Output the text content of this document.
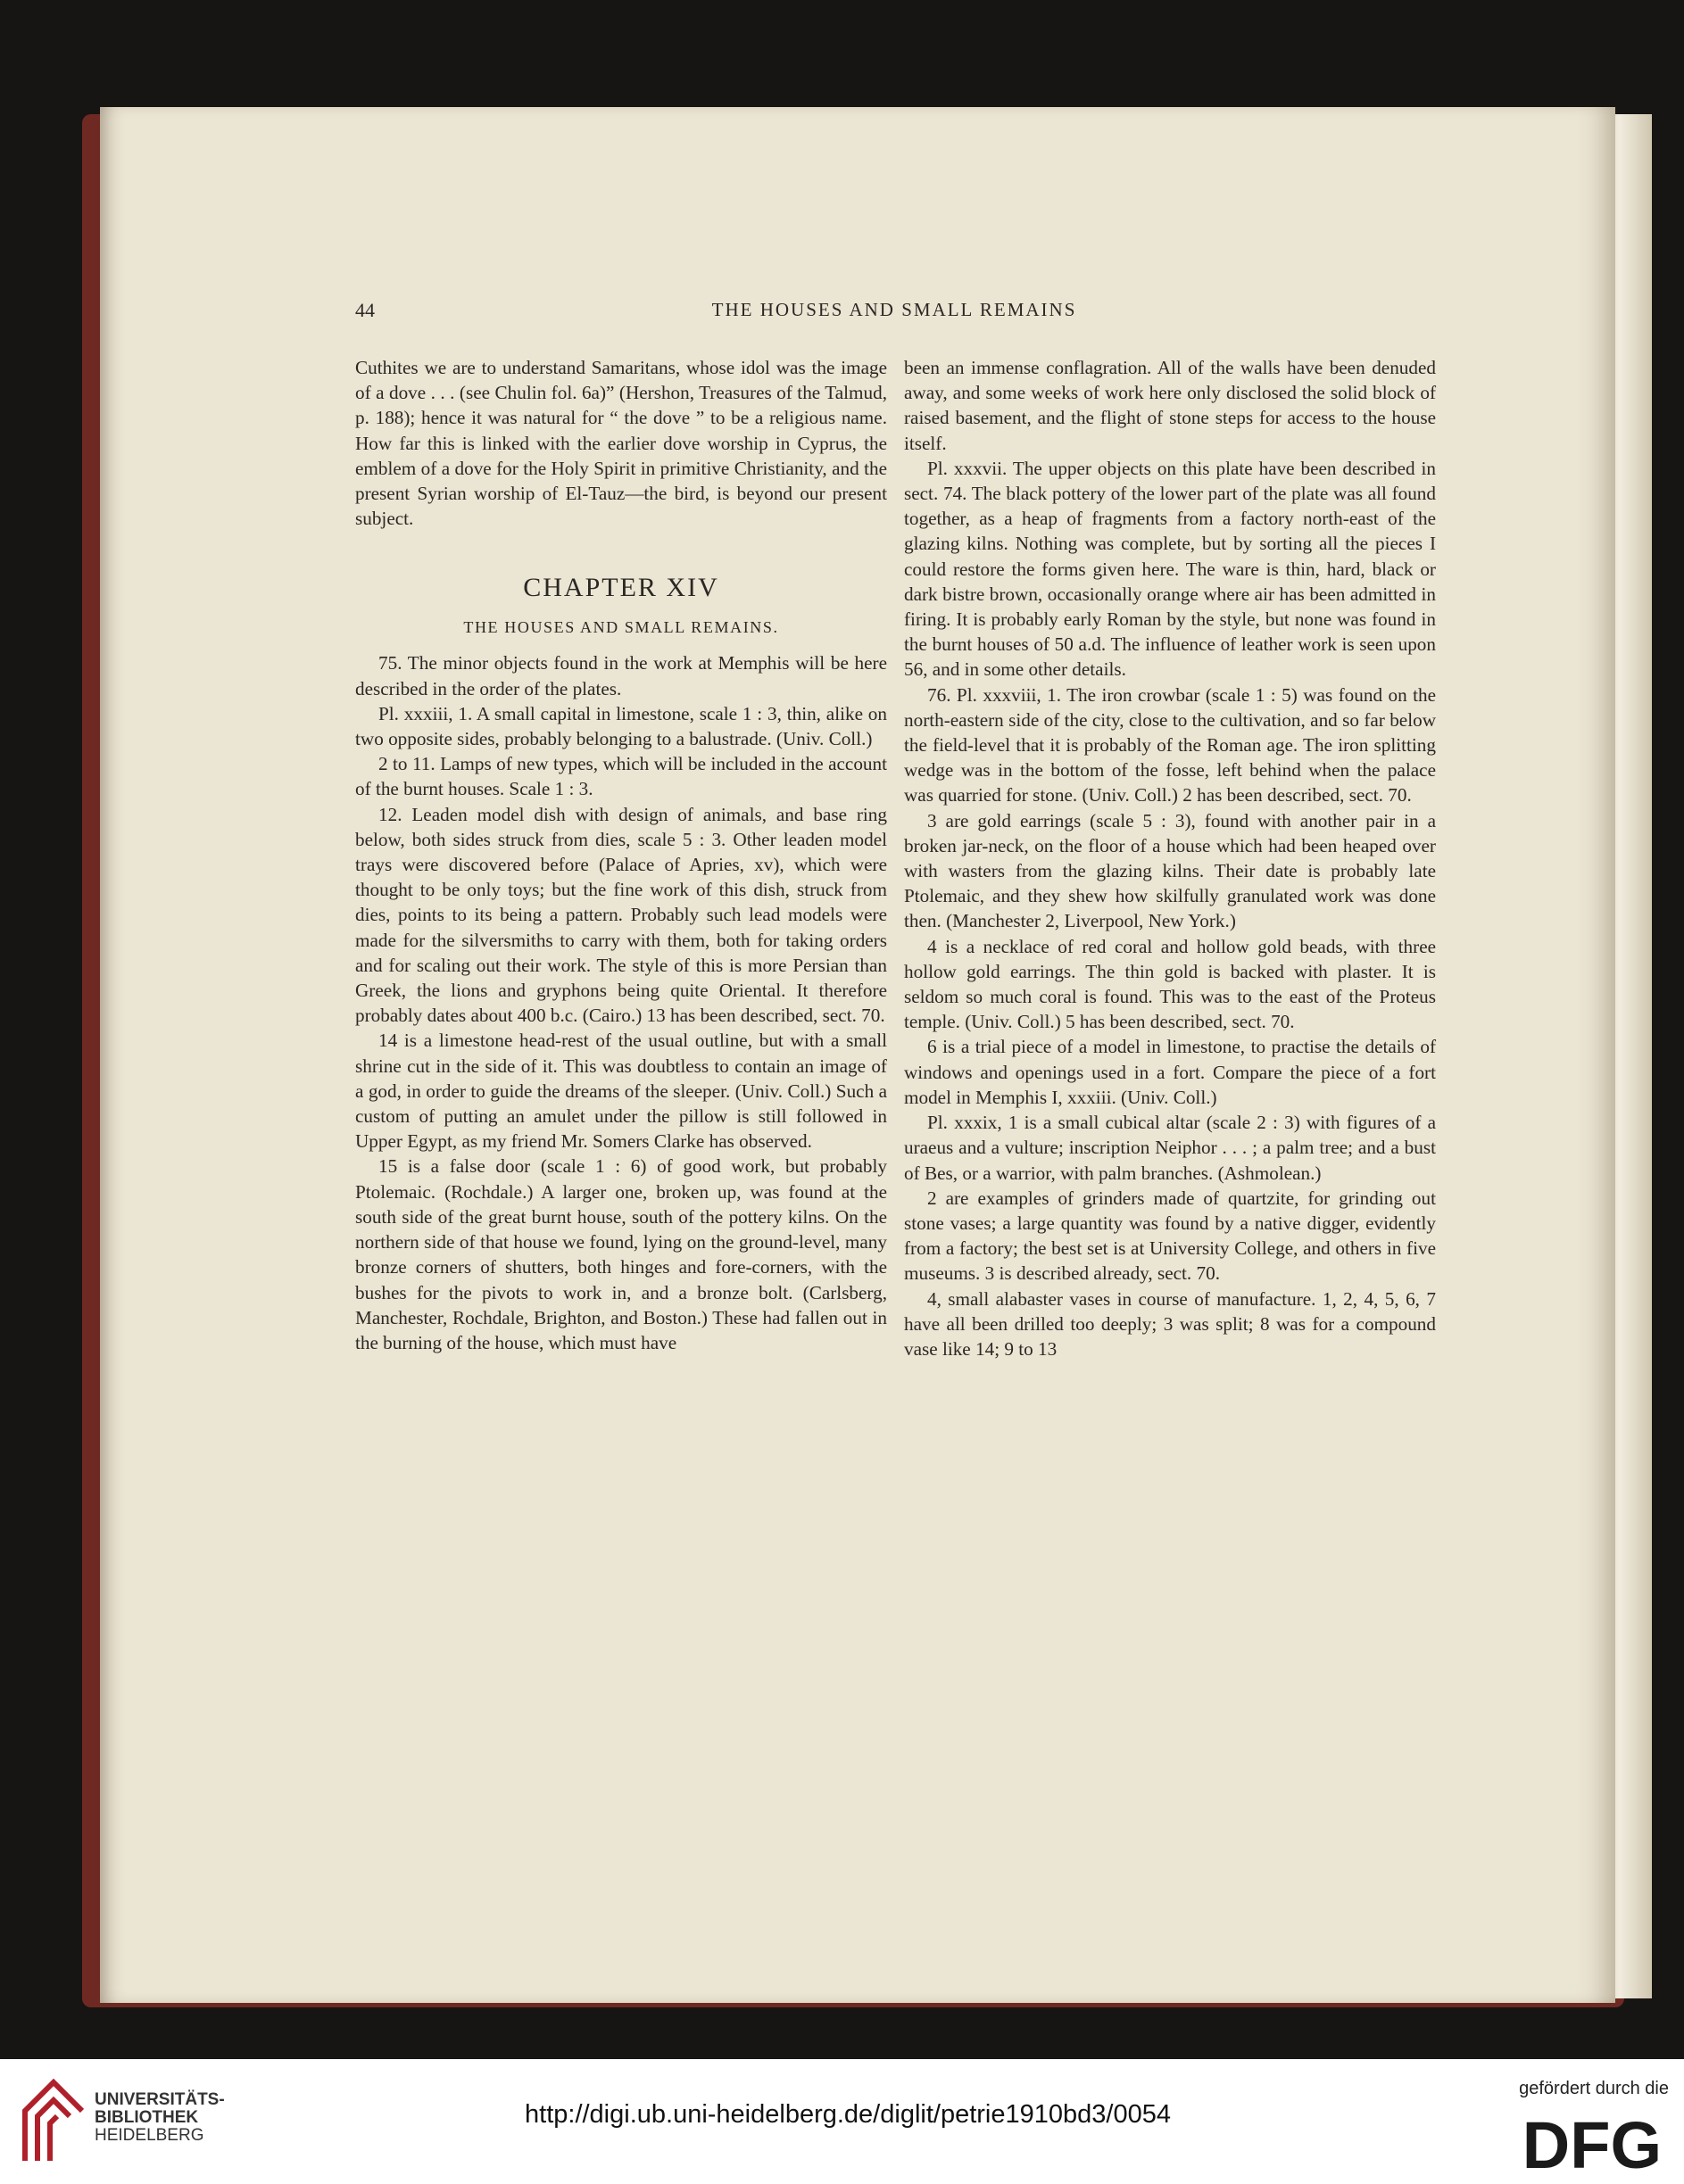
44	THE HOUSES AND SMALL REMAINS

Cuthites we are to understand Samaritans, whose idol was the image of a dove . . . (see Chulin fol. 6a)” (Hershon, Treasures of the Talmud, p. 188); hence it was natural for “ the dove ” to be a religious name. How far this is linked with the earlier dove worship in Cyprus, the emblem of a dove for the Holy Spirit in primitive Christianity, and the present Syrian worship of El-Tauz—the bird, is beyond our present subject.

CHAPTER XIV
THE HOUSES AND SMALL REMAINS.

75. The minor objects found in the work at Memphis will be here described in the order of the plates.

Pl. xxxiii, 1. A small capital in limestone, scale 1 : 3, thin, alike on two opposite sides, probably belonging to a balustrade. (Univ. Coll.)

2 to 11. Lamps of new types, which will be included in the account of the burnt houses. Scale 1 : 3.

12. Leaden model dish with design of animals, and base ring below, both sides struck from dies, scale 5 : 3. Other leaden model trays were discovered before (Palace of Apries, xv), which were thought to be only toys; but the fine work of this dish, struck from dies, points to its being a pattern. Probably such lead models were made for the silversmiths to carry with them, both for taking orders and for scaling out their work. The style of this is more Persian than Greek, the lions and gryphons being quite Oriental. It therefore probably dates about 400 b.c. (Cairo.) 13 has been described, sect. 70.

14 is a limestone head-rest of the usual outline, but with a small shrine cut in the side of it. This was doubtless to contain an image of a god, in order to guide the dreams of the sleeper. (Univ. Coll.) Such a custom of putting an amulet under the pillow is still followed in Upper Egypt, as my friend Mr. Somers Clarke has observed.

15 is a false door (scale 1 : 6) of good work, but probably Ptolemaic. (Rochdale.) A larger one, broken up, was found at the south side of the great burnt house, south of the pottery kilns. On the northern side of that house we found, lying on the ground-level, many bronze corners of shutters, both hinges and fore-corners, with the bushes for the pivots to work in, and a bronze bolt. (Carlsberg, Manchester, Rochdale, Brighton, and Boston.) These had fallen out in the burning of the house, which must have

been an immense conflagration. All of the walls have been denuded away, and some weeks of work here only disclosed the solid block of raised basement, and the flight of stone steps for access to the house itself.

Pl. xxxvii. The upper objects on this plate have been described in sect. 74. The black pottery of the lower part of the plate was all found together, as a heap of fragments from a factory north-east of the glazing kilns. Nothing was complete, but by sorting all the pieces I could restore the forms given here. The ware is thin, hard, black or dark bistre brown, occasionally orange where air has been admitted in firing. It is probably early Roman by the style, but none was found in the burnt houses of 50 a.d. The influence of leather work is seen upon 56, and in some other details.

76. Pl. xxxviii, 1. The iron crowbar (scale 1 : 5) was found on the north-eastern side of the city, close to the cultivation, and so far below the field-level that it is probably of the Roman age. The iron splitting wedge was in the bottom of the fosse, left behind when the palace was quarried for stone. (Univ. Coll.) 2 has been described, sect. 70.

3 are gold earrings (scale 5 : 3), found with another pair in a broken jar-neck, on the floor of a house which had been heaped over with wasters from the glazing kilns. Their date is probably late Ptolemaic, and they shew how skilfully granulated work was done then. (Manchester 2, Liverpool, New York.)

4 is a necklace of red coral and hollow gold beads, with three hollow gold earrings. The thin gold is backed with plaster. It is seldom so much coral is found. This was to the east of the Proteus temple. (Univ. Coll.) 5 has been described, sect. 70.

6 is a trial piece of a model in limestone, to practise the details of windows and openings used in a fort. Compare the piece of a fort model in Memphis I, xxxiii. (Univ. Coll.)

Pl. xxxix, 1 is a small cubical altar (scale 2 : 3) with figures of a uraeus and a vulture; inscription Neiphor . . . ; a palm tree; and a bust of Bes, or a warrior, with palm branches. (Ashmolean.)

2 are examples of grinders made of quartzite, for grinding out stone vases; a large quantity was found by a native digger, evidently from a factory; the best set is at University College, and others in five museums. 3 is described already, sect. 70.

4, small alabaster vases in course of manufacture. 1, 2, 4, 5, 6, 7 have all been drilled too deeply; 3 was split; 8 was for a compound vase like 14; 9 to 13

UNIVERSITÄTS-
BIBLIOTHEK
HEIDELBERG
http://digi.ub.uni-heidelberg.de/diglit/petrie1910bd3/0054
gefördert durch die
DFG
